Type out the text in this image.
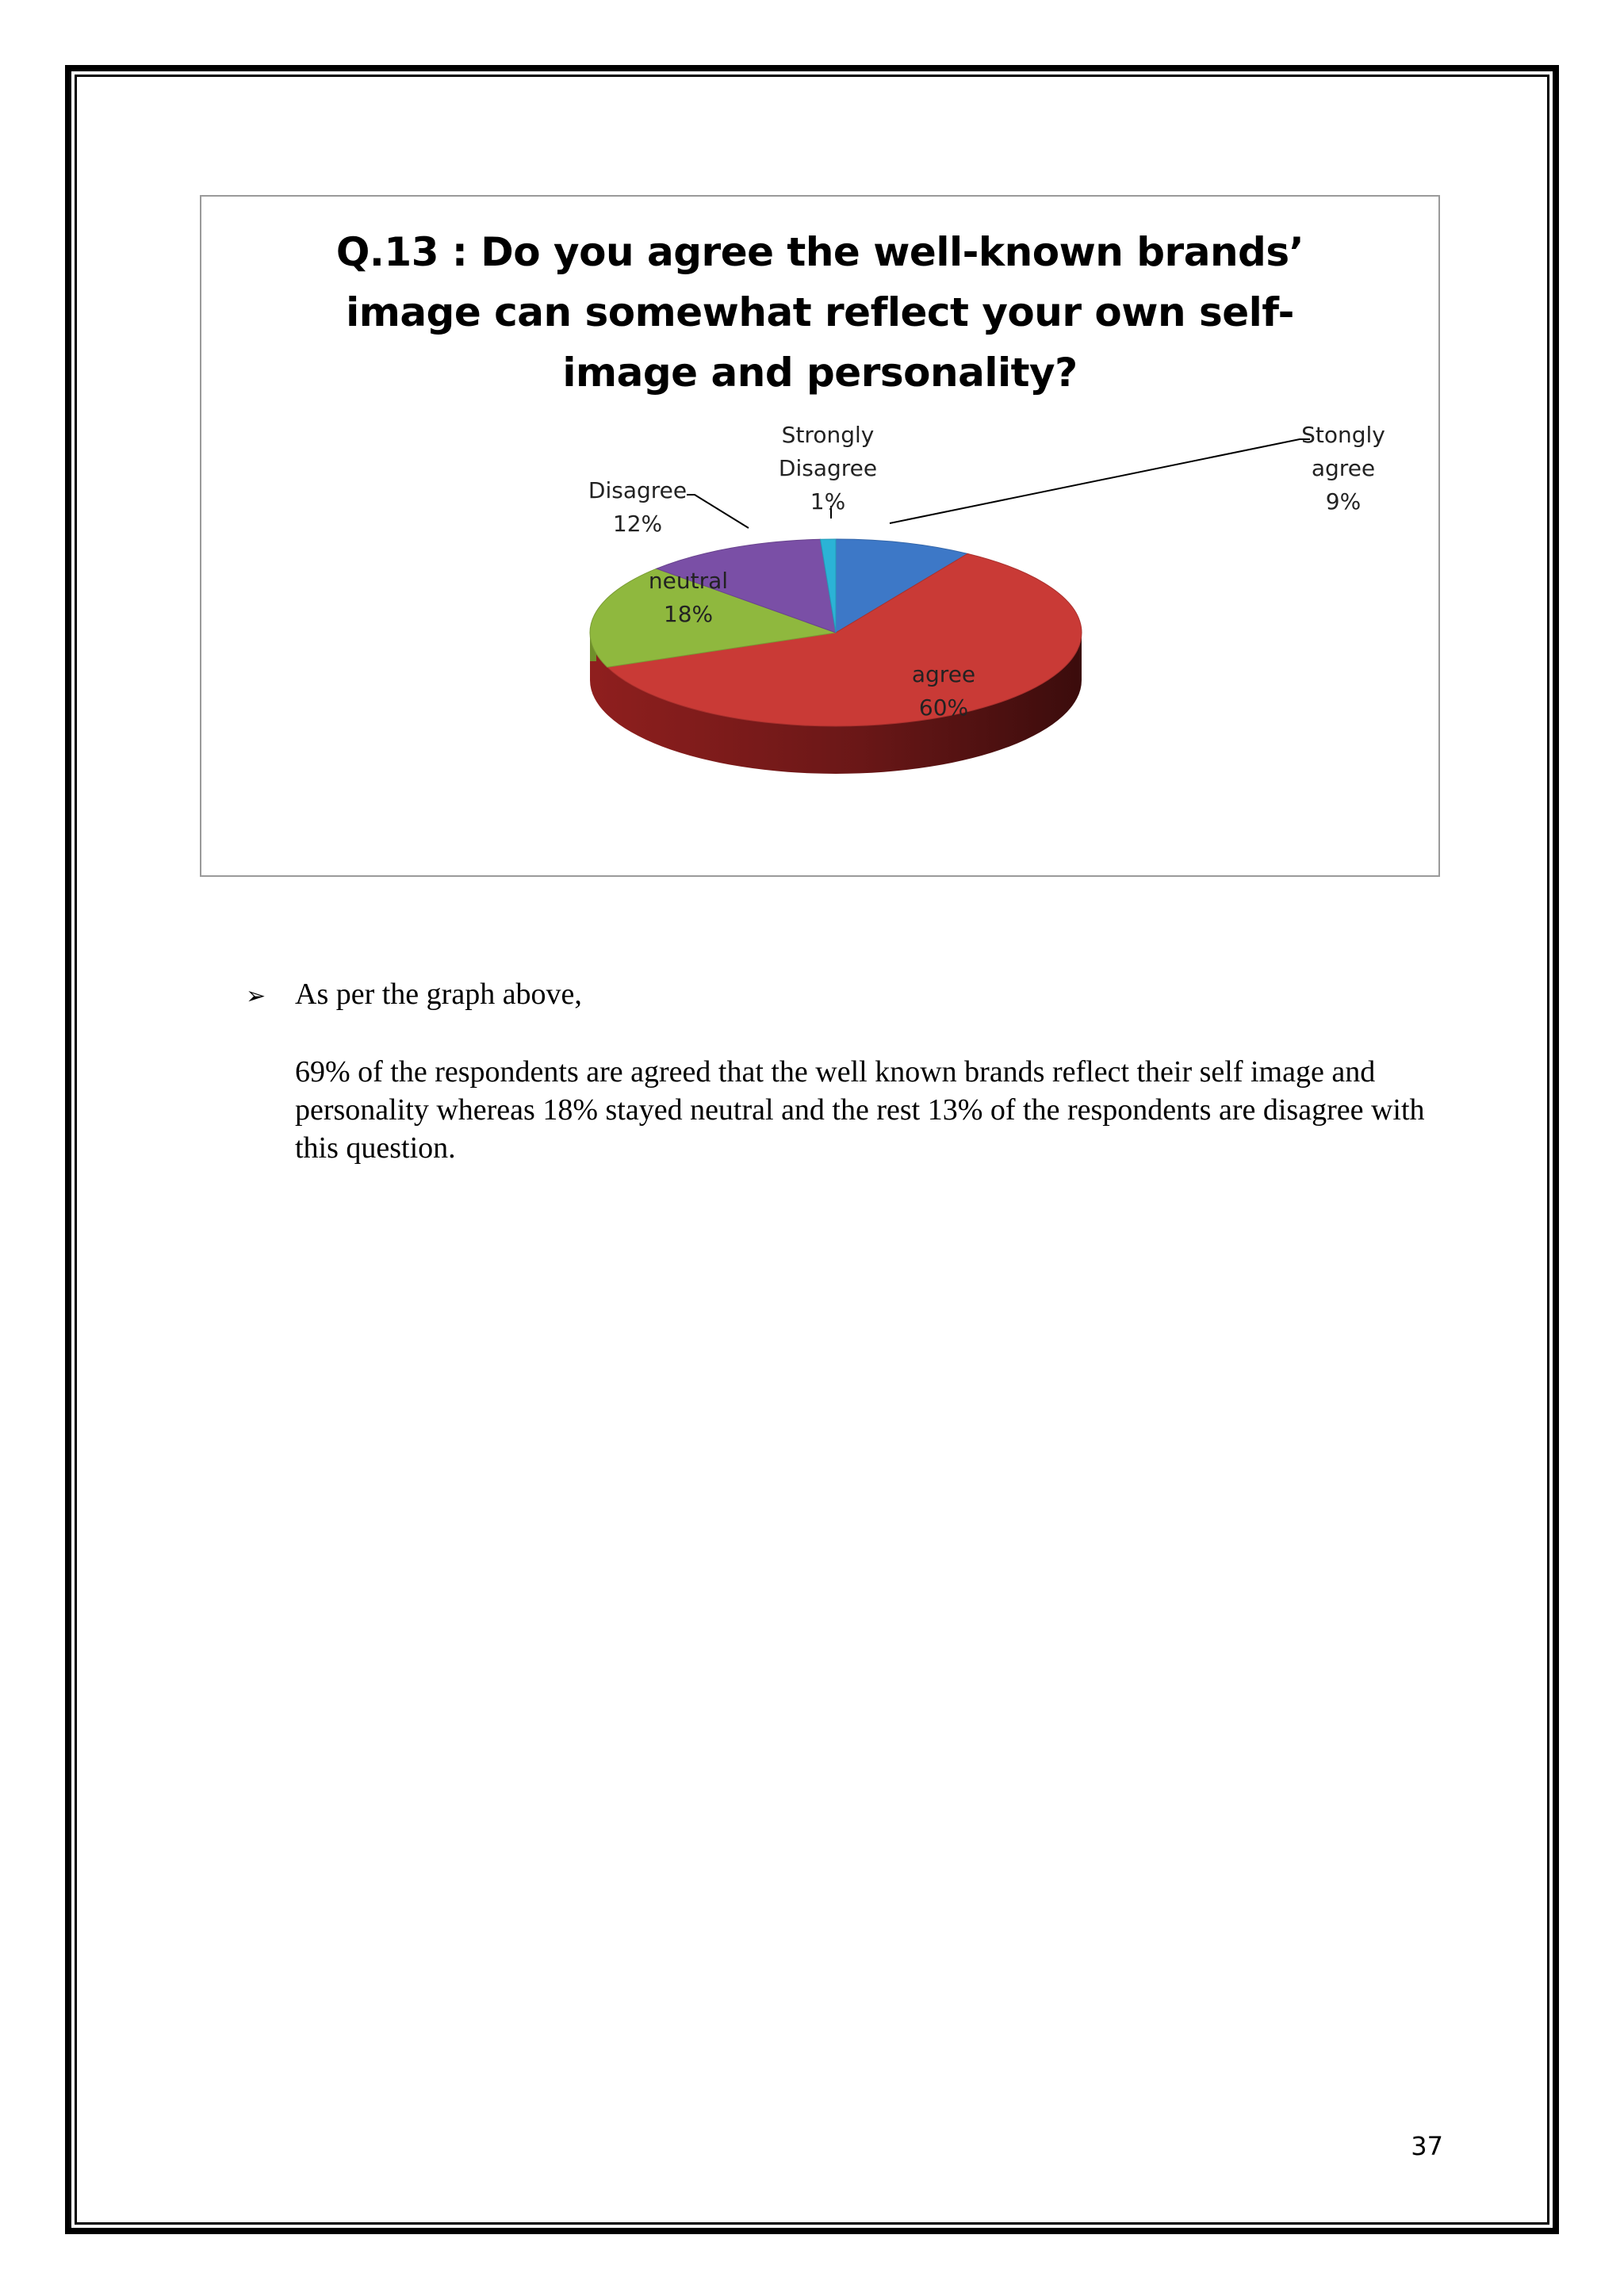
Q.13 : Do you agree the well-known brands’
image can somewhat reflect your own self-
image and personality?
Stongly agree 9%
agree 60%
neutral 18%
Disagree 12%
Strongly Disagree 1%
➢ As per the graph above,
69% of the respondents are agreed that the well known brands reflect their self image and personality whereas 18% stayed neutral and the rest 13% of the respondents are disagree with this question.
37
